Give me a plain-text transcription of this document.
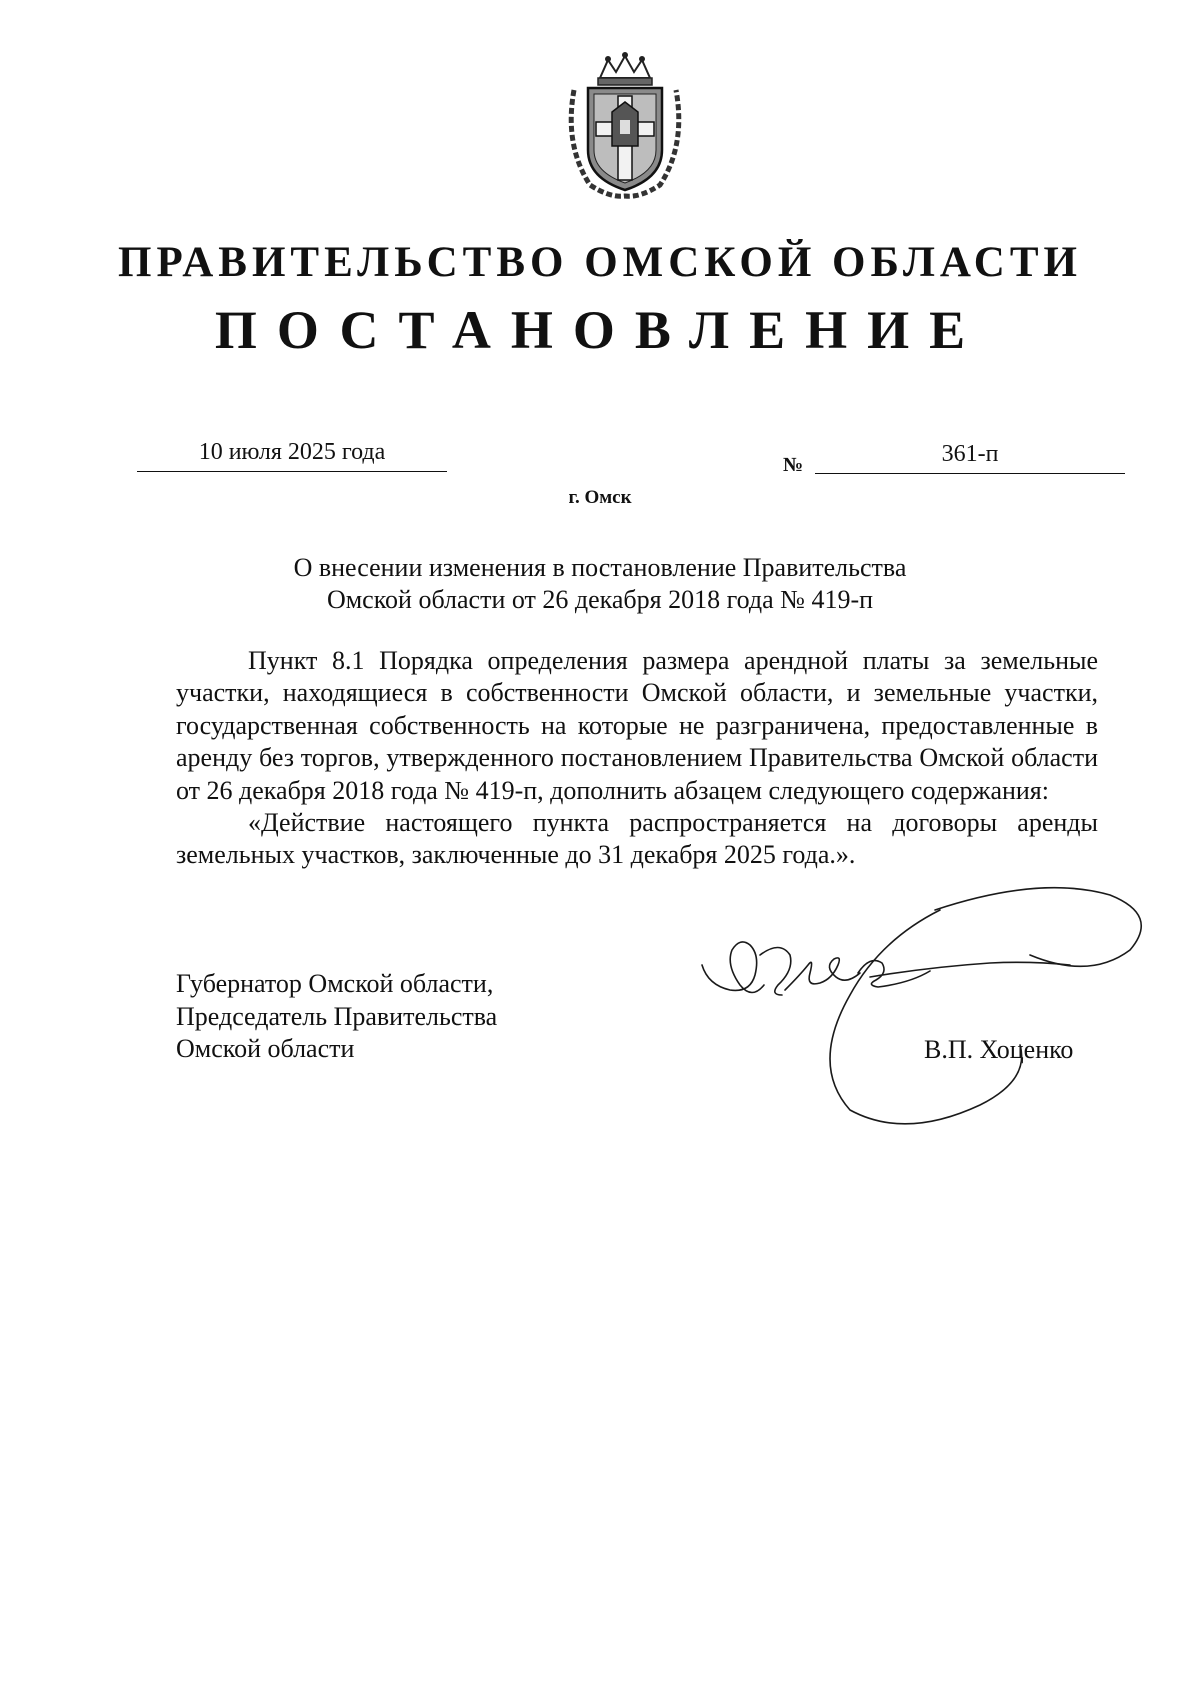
ПРАВИТЕЛЬСТВО ОМСКОЙ ОБЛАСТИ
ПОСТАНОВЛЕНИЕ
10 июля 2025 года	№	361-п
г. Омск

О внесении изменения в постановление Правительства

Омской области от 26 декабря 2018 года № 419-п

Пункт 8.1 Порядка определения размера арендной платы за земельные участки, находящиеся в собственности Омской области, и земельные участки, государственная собственность на которые не разграничена, предоставленные в аренду без торгов, утвержденного постановлением Правительства Омской области от 26 декабря 2018 года № 419-п, дополнить абзацем следующего содержания:

«Действие настоящего пункта распространяется на договоры аренды земельных участков, заключенные до 31 декабря 2025 года.».

Губернатор Омской области,
Председатель Правительства
Омской области	В.П. Хоценко
